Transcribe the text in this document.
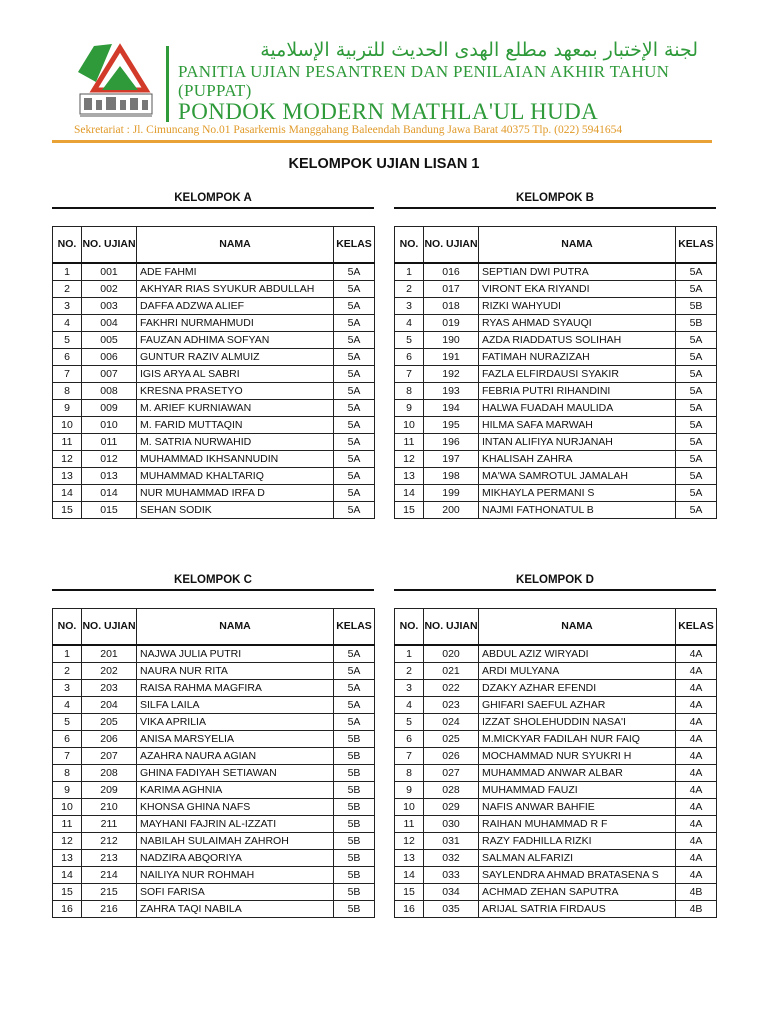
لجنة الإختبار بمعهد مطلع الهدى الحديث للتربية الإسلامية
PANITIA UJIAN PESANTREN DAN PENILAIAN AKHIR TAHUN
(PUPPAT)
PONDOK MODERN MATHLA'UL HUDA
Sekretariat : Jl. Cimuncang No.01 Pasarkemis Manggahang Baleendah Bandung Jawa Barat 40375 Tlp. (022) 5941654
KELOMPOK UJIAN LISAN 1
KELOMPOK A
NO.	NO. UJIAN	NAMA	KELAS
1	001	ADE FAHMI	5A
2	002	AKHYAR RIAS SYUKUR ABDULLAH	5A
3	003	DAFFA ADZWA ALIEF	5A
4	004	FAKHRI NURMAHMUDI	5A
5	005	FAUZAN ADHIMA SOFYAN	5A
6	006	GUNTUR RAZIV ALMUIZ	5A
7	007	IGIS ARYA AL SABRI	5A
8	008	KRESNA PRASETYO	5A
9	009	M. ARIEF KURNIAWAN	5A
10	010	M. FARID MUTTAQIN	5A
11	011	M. SATRIA NURWAHID	5A
12	012	MUHAMMAD IKHSANNUDIN	5A
13	013	MUHAMMAD KHALTARIQ	5A
14	014	NUR MUHAMMAD IRFA D	5A
15	015	SEHAN SODIK	5A
KELOMPOK B
NO.	NO. UJIAN	NAMA	KELAS
1	016	SEPTIAN DWI PUTRA	5A
2	017	VIRONT EKA RIYANDI	5A
3	018	RIZKI WAHYUDI	5B
4	019	RYAS AHMAD SYAUQI	5B
5	190	AZDA RIADDATUS SOLIHAH	5A
6	191	FATIMAH NURAZIZAH	5A
7	192	FAZLA ELFIRDAUSI SYAKIR	5A
8	193	FEBRIA PUTRI RIHANDINI	5A
9	194	HALWA FUADAH MAULIDA	5A
10	195	HILMA SAFA MARWAH	5A
11	196	INTAN ALIFIYA NURJANAH	5A
12	197	KHALISAH ZAHRA	5A
13	198	MA'WA SAMROTUL JAMALAH	5A
14	199	MIKHAYLA PERMANI S	5A
15	200	NAJMI FATHONATUL B	5A
KELOMPOK C
NO.	NO. UJIAN	NAMA	KELAS
1	201	NAJWA JULIA PUTRI	5A
2	202	NAURA NUR RITA	5A
3	203	RAISA RAHMA MAGFIRA	5A
4	204	SILFA LAILA	5A
5	205	VIKA APRILIA	5A
6	206	ANISA MARSYELIA	5B
7	207	AZAHRA NAURA AGIAN	5B
8	208	GHINA FADIYAH SETIAWAN	5B
9	209	KARIMA AGHNIA	5B
10	210	KHONSA GHINA NAFS	5B
11	211	MAYHANI FAJRIN AL-IZZATI	5B
12	212	NABILAH SULAIMAH ZAHROH	5B
13	213	NADZIRA ABQORIYA	5B
14	214	NAILIYA NUR ROHMAH	5B
15	215	SOFI FARISA	5B
16	216	ZAHRA TAQI NABILA	5B
KELOMPOK D
NO.	NO. UJIAN	NAMA	KELAS
1	020	ABDUL AZIZ WIRYADI	4A
2	021	ARDI MULYANA	4A
3	022	DZAKY AZHAR EFENDI	4A
4	023	GHIFARI SAEFUL AZHAR	4A
5	024	IZZAT SHOLEHUDDIN NASA'I	4A
6	025	M.MICKYAR FADILAH NUR FAIQ	4A
7	026	MOCHAMMAD NUR SYUKRI H	4A
8	027	MUHAMMAD ANWAR ALBAR	4A
9	028	MUHAMMAD FAUZI	4A
10	029	NAFIS ANWAR BAHFIE	4A
11	030	RAIHAN MUHAMMAD R F	4A
12	031	RAZY FADHILLA RIZKI	4A
13	032	SALMAN ALFARIZI	4A
14	033	SAYLENDRA AHMAD BRATASENA S	4A
15	034	ACHMAD ZEHAN SAPUTRA	4B
16	035	ARIJAL SATRIA FIRDAUS	4B
